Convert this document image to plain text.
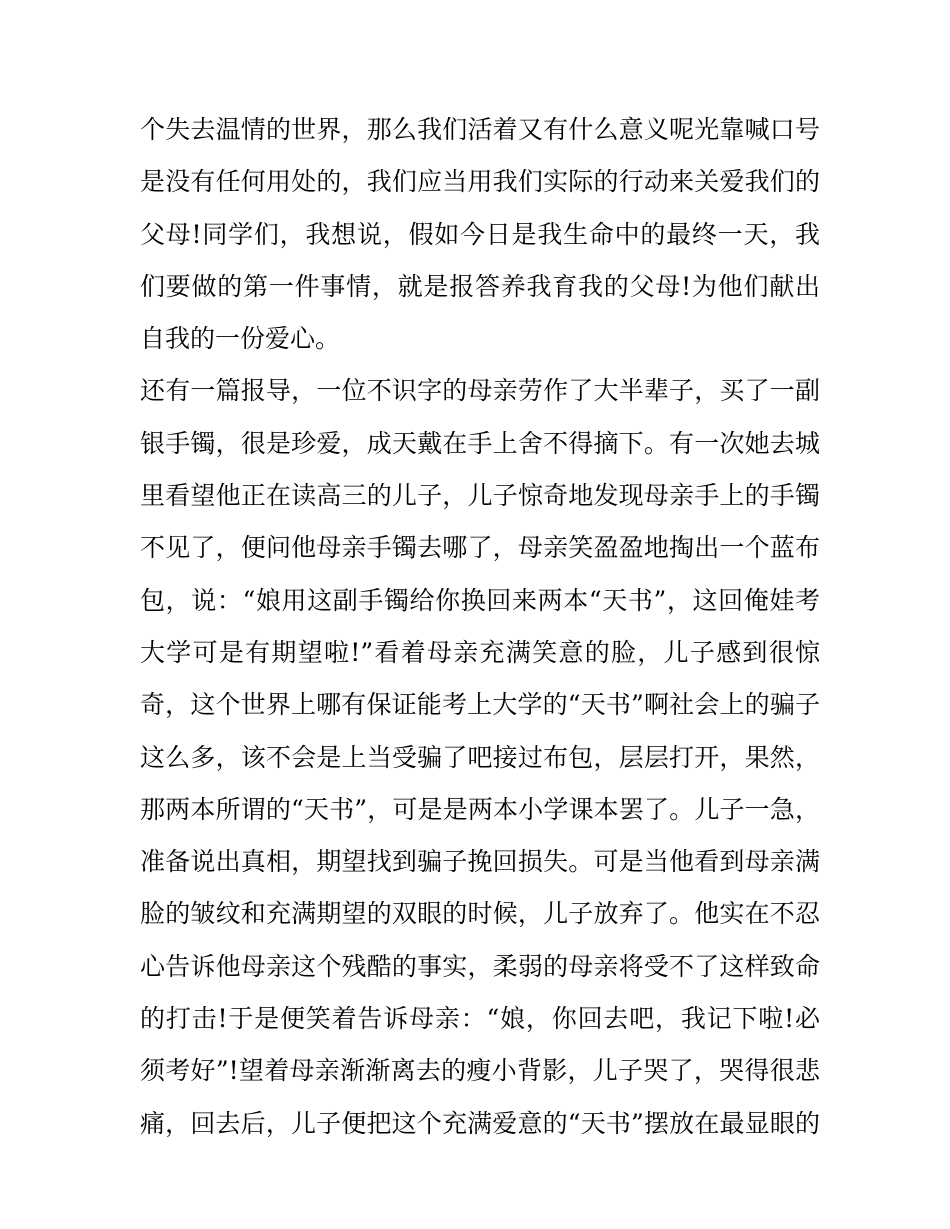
个失去温情的世界，那么我们活着又有什么意义呢光靠喊口号
是没有任何用处的，我们应当用我们实际的行动来关爱我们的
父母!同学们，我想说，假如今日是我生命中的最终一天，我
们要做的第一件事情，就是报答养我育我的父母!为他们献出
自我的一份爱心。
还有一篇报导，一位不识字的母亲劳作了大半辈子，买了一副
银手镯，很是珍爱，成天戴在手上舍不得摘下。有一次她去城
里看望他正在读高三的儿子，儿子惊奇地发现母亲手上的手镯
不见了，便问他母亲手镯去哪了，母亲笑盈盈地掏出一个蓝布
包，说：“娘用这副手镯给你换回来两本“天书”，这回俺娃考
大学可是有期望啦!”看着母亲充满笑意的脸，儿子感到很惊
奇，这个世界上哪有保证能考上大学的“天书”啊社会上的骗子
这么多，该不会是上当受骗了吧接过布包，层层打开，果然，
那两本所谓的“天书”，可是是两本小学课本罢了。儿子一急，
准备说出真相，期望找到骗子挽回损失。可是当他看到母亲满
脸的皱纹和充满期望的双眼的时候，儿子放弃了。他实在不忍
心告诉他母亲这个残酷的事实，柔弱的母亲将受不了这样致命
的打击!于是便笑着告诉母亲：“娘，你回去吧，我记下啦!必
须考好”!望着母亲渐渐离去的瘦小背影，儿子哭了，哭得很悲
痛，回去后，儿子便把这个充满爱意的“天书”摆放在最显眼的
